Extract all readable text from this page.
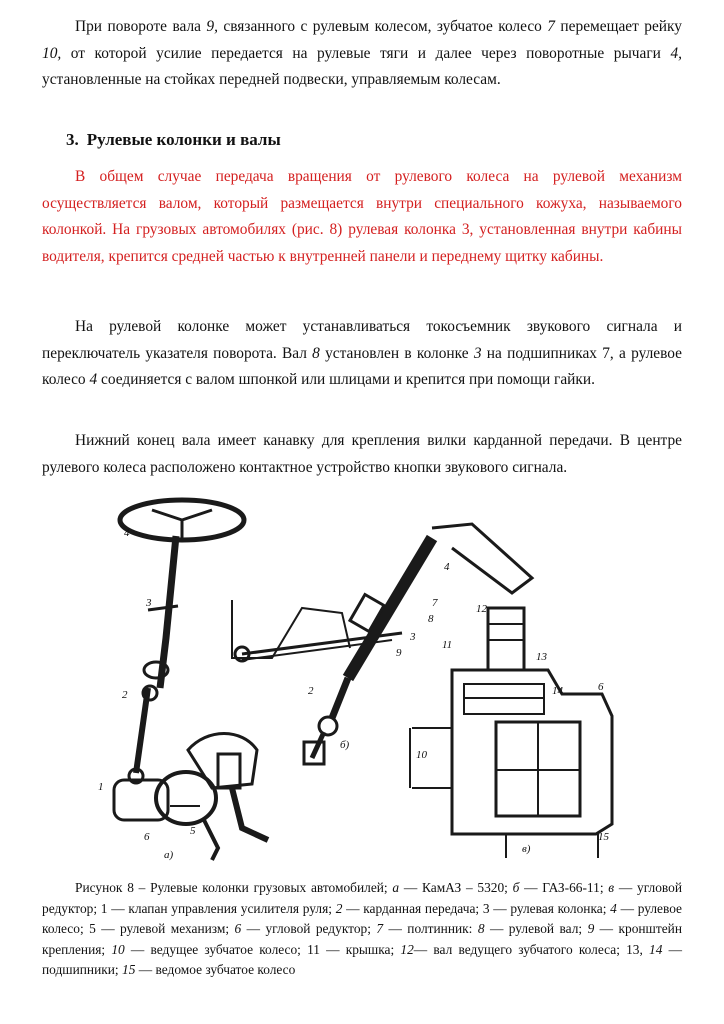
При повороте вала 9, связанного с рулевым колесом, зубчатое колесо 7 перемещает рейку 10, от которой усилие передается на рулевые тяги и далее через поворотные рычаги 4, установленные на стойках передней подвески, управляемым колесам.

3. Рулевые колонки и валы

В общем случае передача вращения от рулевого колеса на рулевой механизм осуществляется валом, который размещается внутри специального кожуха, называемого колонкой. На грузовых автомобилях (рис. 8) рулевая колонка 3, установленная внутри кабины водителя, крепится средней частью к внутренней панели и переднему щитку кабины.

На рулевой колонке может устанавливаться токосъемник звукового сигнала и переключатель указателя поворота. Вал 8 установлен в колонке 3 на подшипниках 7, а рулевое колесо 4 соединяется с валом шпонкой или шлицами и крепится при помощи гайки.

Нижний конец вала имеет канавку для крепления вилки карданной передачи. В центре рулевого колеса расположено контактное устройство кнопки звукового сигнала.

4
3
2
1
5
6
а)
4
7
8
3
9
2
б)
12
11
13
14	6
10
15
в)

Рисунок 8 – Рулевые колонки грузовых автомобилей; а — КамАЗ – 5320; б — ГАЗ-66-11; в — угловой редуктор; 1 — клапан управления усилителя руля; 2 — карданная передача; 3 — рулевая колонка; 4 — рулевое колесо; 5 — рулевой механизм; 6 — угловой редуктор; 7 — полтинник: 8 — рулевой вал; 9 — кронштейн крепления; 10 — ведущее зубчатое колесо; 11 — крышка; 12— вал ведущего зубчатого колеса; 13, 14 — подшипники; 15 — ведомое зубчатое колесо
